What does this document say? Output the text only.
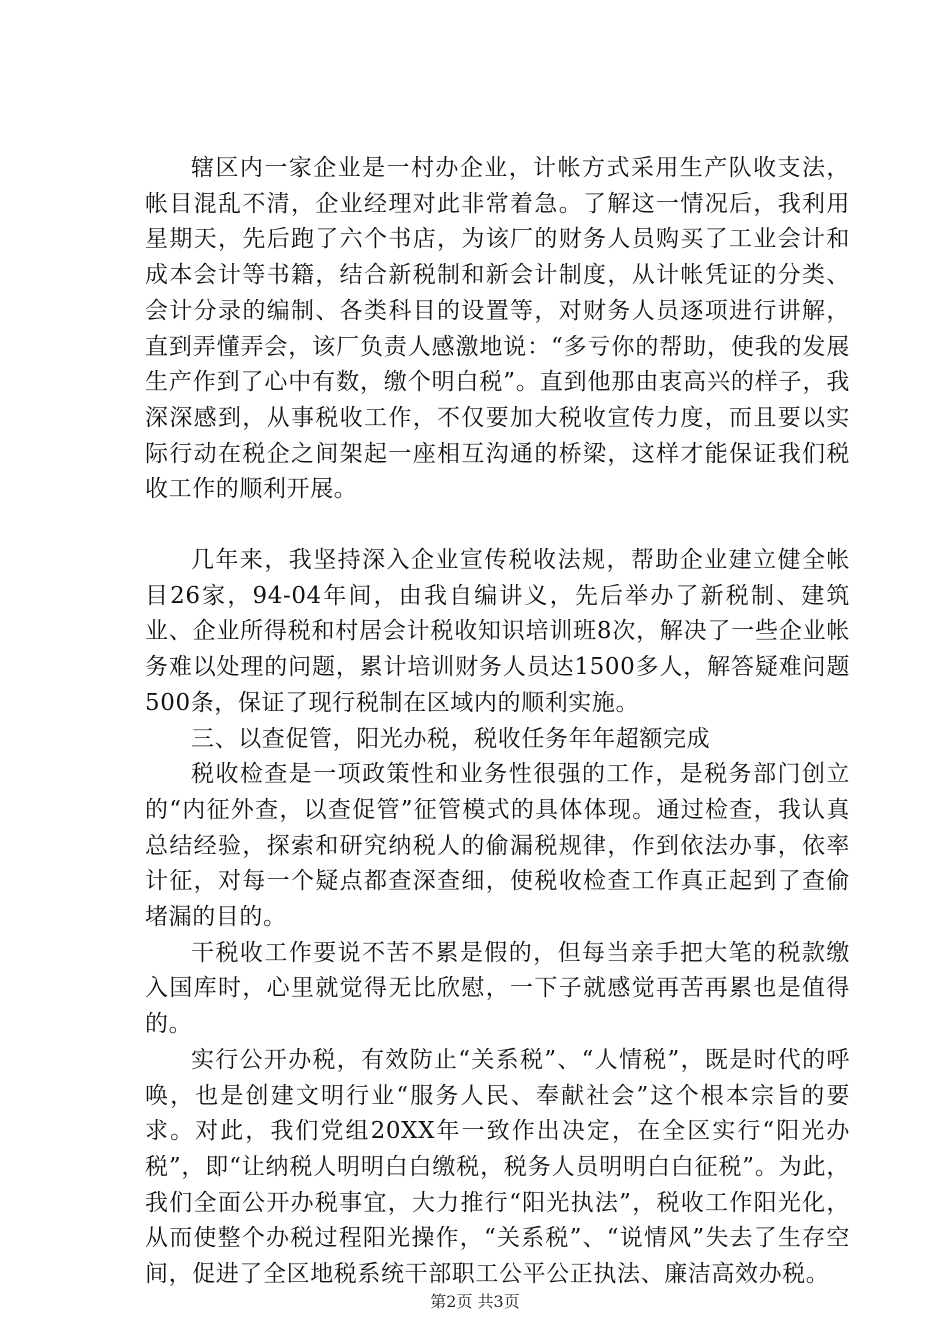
辖区内一家企业是一村办企业，计帐方式采用生产队收支法，帐目混乱不清，企业经理对此非常着急。了解这一情况后，我利用星期天，先后跑了六个书店，为该厂的财务人员购买了工业会计和成本会计等书籍，结合新税制和新会计制度，从计帐凭证的分类、会计分录的编制、各类科目的设置等，对财务人员逐项进行讲解，直到弄懂弄会，该厂负责人感激地说：“多亏你的帮助，使我的发展生产作到了心中有数，缴个明白税”。直到他那由衷高兴的样子，我深深感到，从事税收工作，不仅要加大税收宣传力度，而且要以实际行动在税企之间架起一座相互沟通的桥梁，这样才能保证我们税收工作的顺利开展。

几年来，我坚持深入企业宣传税收法规，帮助企业建立健全帐目26家，94-04年间，由我自编讲义，先后举办了新税制、建筑业、企业所得税和村居会计税收知识培训班8次，解决了一些企业帐务难以处理的问题，累计培训财务人员达1500多人，解答疑难问题500条，保证了现行税制在区域内的顺利实施。

三、以查促管，阳光办税，税收任务年年超额完成

税收检查是一项政策性和业务性很强的工作，是税务部门创立的“内征外查，以查促管”征管模式的具体体现。通过检查，我认真总结经验，探索和研究纳税人的偷漏税规律，作到依法办事，依率计征，对每一个疑点都查深查细，使税收检查工作真正起到了查偷堵漏的目的。

干税收工作要说不苦不累是假的，但每当亲手把大笔的税款缴入国库时，心里就觉得无比欣慰，一下子就感觉再苦再累也是值得的。

实行公开办税，有效防止“关系税”、“人情税”，既是时代的呼唤，也是创建文明行业“服务人民、奉献社会”这个根本宗旨的要求。对此，我们党组20XX年一致作出决定，在全区实行“阳光办税”，即“让纳税人明明白白缴税，税务人员明明白白征税”。为此，我们全面公开办税事宜，大力推行“阳光执法”，税收工作阳光化，从而使整个办税过程阳光操作，“关系税”、“说情风”失去了生存空间，促进了全区地税系统干部职工公平公正执法、廉洁高效办税。

第2页 共3页
